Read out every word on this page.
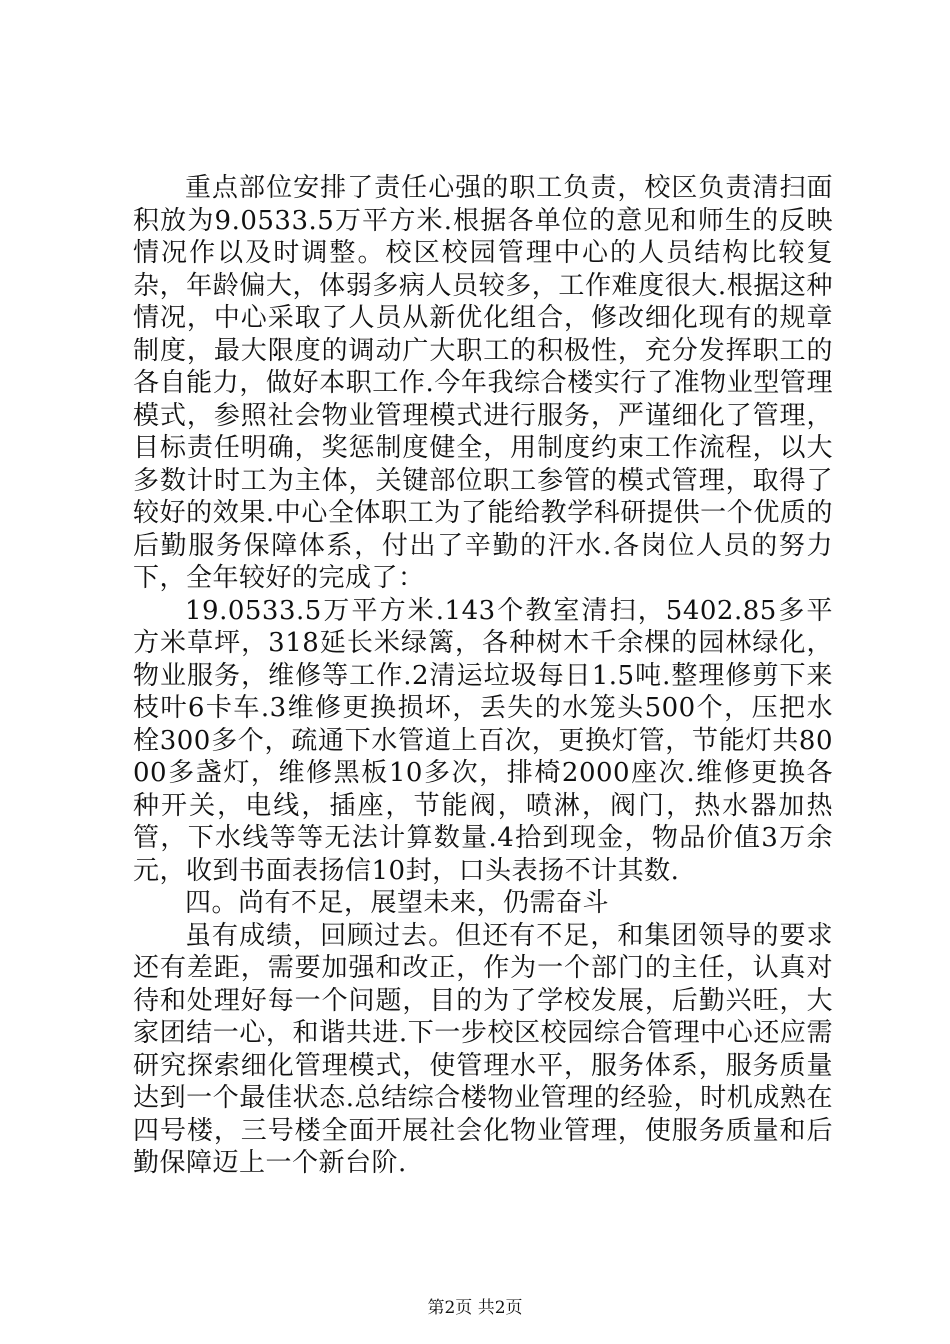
重点部位安排了责任心强的职工负责，校区负责清扫面积放为9.0533.5万平方米.根据各单位的意见和师生的反映情况作以及时调整。校区校园管理中心的人员结构比较复杂，年龄偏大，体弱多病人员较多，工作难度很大.根据这种情况，中心采取了人员从新优化组合，修改细化现有的规章制度，最大限度的调动广大职工的积极性，充分发挥职工的各自能力，做好本职工作.今年我综合楼实行了准物业型管理模式，参照社会物业管理模式进行服务，严谨细化了管理，目标责任明确，奖惩制度健全，用制度约束工作流程，以大多数计时工为主体，关键部位职工参管的模式管理，取得了较好的效果.中心全体职工为了能给教学科研提供一个优质的后勤服务保障体系，付出了辛勤的汗水.各岗位人员的努力下，全年较好的完成了：

19.0533.5万平方米.143个教室清扫，5402.85多平方米草坪，318延长米绿篱，各种树木千余棵的园林绿化，物业服务，维修等工作.2清运垃圾每日1.5吨.整理修剪下来枝叶6卡车.3维修更换损坏，丢失的水笼头500个，压把水栓300多个，疏通下水管道上百次，更换灯管，节能灯共8000多盏灯，维修黑板10多次，排椅2000座次.维修更换各种开关，电线，插座，节能阀，喷淋，阀门，热水器加热管，下水线等等无法计算数量.4拾到现金，物品价值3万余元，收到书面表扬信10封，口头表扬不计其数.

四。尚有不足，展望未来，仍需奋斗

虽有成绩，回顾过去。但还有不足，和集团领导的要求还有差距，需要加强和改正，作为一个部门的主任，认真对待和处理好每一个问题，目的为了学校发展，后勤兴旺，大家团结一心，和谐共进.下一步校区校园综合管理中心还应需研究探索细化管理模式，使管理水平，服务体系，服务质量达到一个最佳状态.总结综合楼物业管理的经验，时机成熟在四号楼，三号楼全面开展社会化物业管理，使服务质量和后勤保障迈上一个新台阶.

第2页 共2页
